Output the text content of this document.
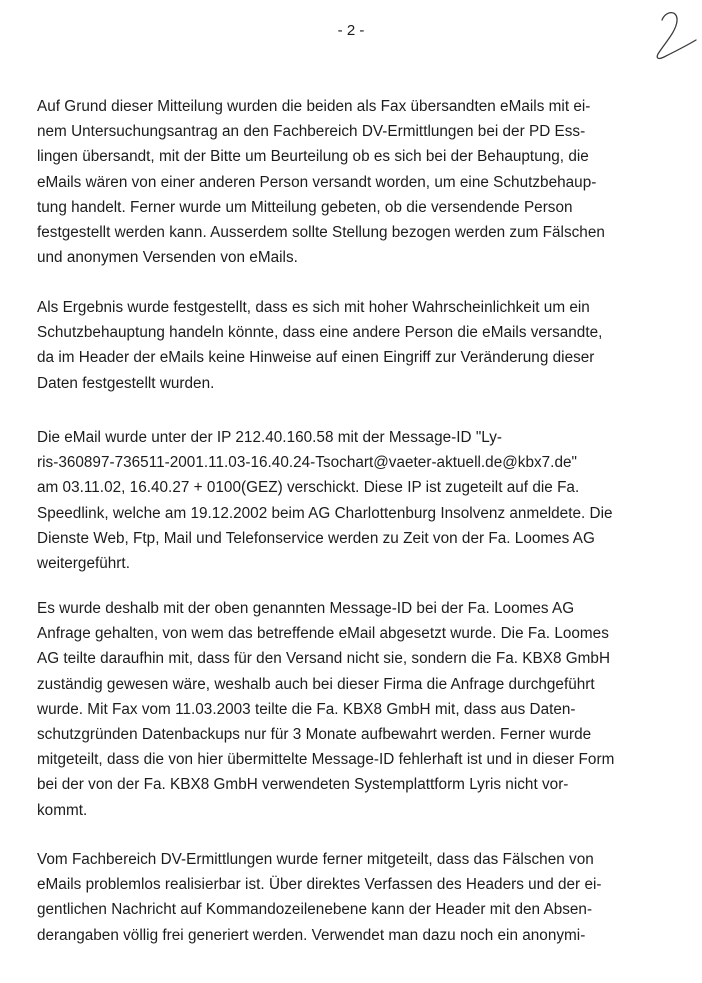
- 2 -
Auf Grund dieser Mitteilung wurden die beiden als Fax übersandten eMails mit ei-
nem Untersuchungsantrag an den Fachbereich DV-Ermittlungen bei der PD Ess-
lingen übersandt, mit der Bitte um Beurteilung ob es sich bei der Behauptung, die
eMails wären von einer anderen Person versandt worden, um eine Schutzbehaup-
tung handelt. Ferner wurde um Mitteilung gebeten, ob die versendende Person
festgestellt werden kann. Ausserdem sollte Stellung bezogen werden zum Fälschen
und anonymen Versenden von eMails.
Als Ergebnis wurde festgestellt, dass es sich mit hoher Wahrscheinlichkeit um ein
Schutzbehauptung handeln könnte, dass eine andere Person die eMails versandte,
da im Header der eMails keine Hinweise auf einen Eingriff zur Veränderung dieser
Daten festgestellt wurden.
Die eMail wurde unter der IP 212.40.160.58 mit der Message-ID "Ly-
ris-360897-736511-2001.11.03-16.40.24-Tsochart@vaeter-aktuell.de@kbx7.de"
am 03.11.02, 16.40.27 + 0100(GEZ) verschickt. Diese IP ist zugeteilt auf die Fa.
Speedlink, welche am 19.12.2002 beim AG Charlottenburg Insolvenz anmeldete. Die
Dienste Web, Ftp, Mail und Telefonservice werden zu Zeit von der Fa. Loomes AG
weitergeführt.
Es wurde deshalb mit der oben genannten Message-ID bei der Fa. Loomes AG
Anfrage gehalten, von wem das betreffende eMail abgesetzt wurde. Die Fa. Loomes
AG teilte daraufhin mit, dass für den Versand nicht sie, sondern die Fa. KBX8 GmbH
zuständig gewesen wäre, weshalb auch bei dieser Firma die Anfrage durchgeführt
wurde. Mit Fax vom 11.03.2003 teilte die Fa. KBX8 GmbH mit, dass aus Daten-
schutzgründen Datenbackups nur für 3 Monate aufbewahrt werden. Ferner wurde
mitgeteilt, dass die von hier übermittelte Message-ID fehlerhaft ist und in dieser Form
bei der von der Fa. KBX8 GmbH verwendeten Systemplattform Lyris nicht vor-
kommt.
Vom Fachbereich DV-Ermittlungen wurde ferner mitgeteilt, dass das Fälschen von
eMails problemlos realisierbar ist. Über direktes Verfassen des Headers und der ei-
gentlichen Nachricht auf Kommandozeilenebene kann der Header mit den Absen-
derangaben völlig frei generiert werden. Verwendet man dazu noch ein anonymi-
